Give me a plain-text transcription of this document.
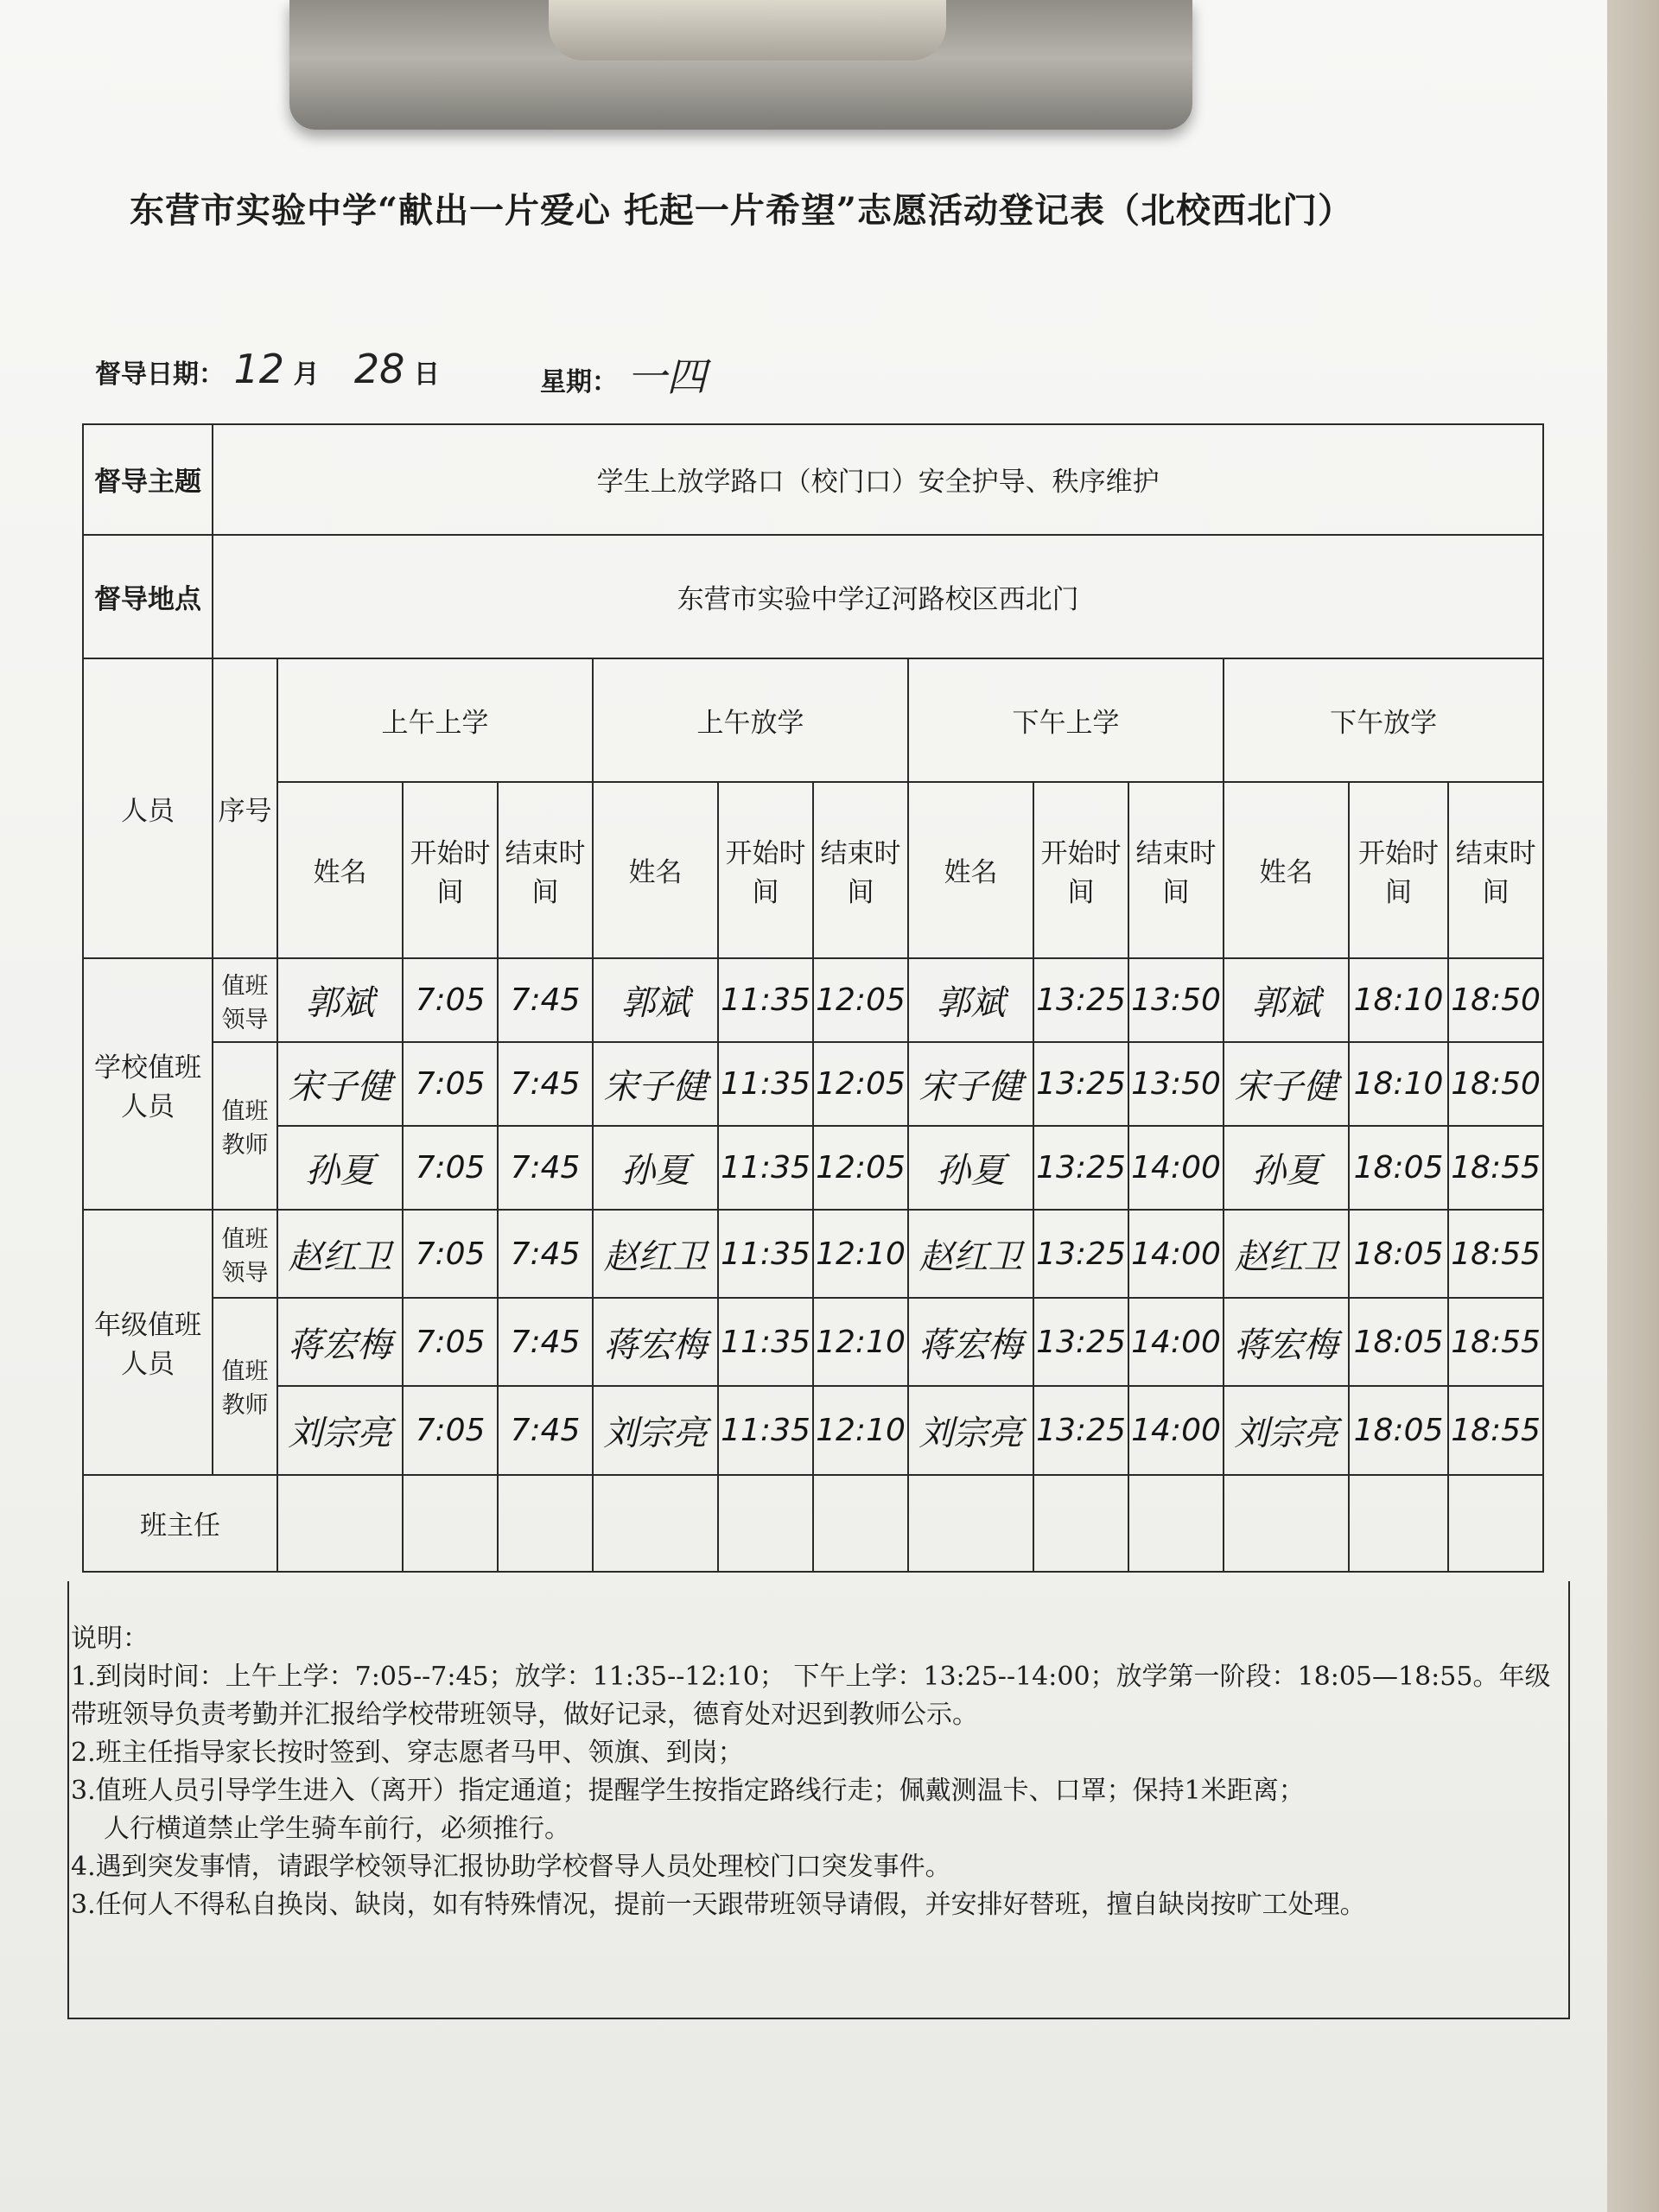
东营市实验中学“献出一片爱心 托起一片希望”志愿活动登记表（北校西北门）
督导日期： 12 月 28 日	星期： 一四
督导主题	学生上放学路口（校门口）安全护导、秩序维护												
督导地点	东营市实验中学辽河路校区西北门												
人员	序号	上午上学			上午放学			下午上学			下午放学		
		姓名	开始时间	结束时间	姓名	开始时间	结束时间	姓名	开始时间	结束时间	姓名	开始时间	结束时间
学校值班人员	值班领导	郭斌	7:05	7:45	郭斌	11:35	12:05	郭斌	13:25	13:50	郭斌	18:10	18:50
	值班教师	宋子健	7:05	7:45	宋子健	11:35	12:05	宋子健	13:25	13:50	宋子健	18:10	18:50
		孙夏	7:05	7:45	孙夏	11:35	12:05	孙夏	13:25	14:00	孙夏	18:05	18:55
年级值班人员	值班领导	赵红卫	7:05	7:45	赵红卫	11:35	12:10	赵红卫	13:25	14:00	赵红卫	18:05	18:55
	值班教师	蒋宏梅	7:05	7:45	蒋宏梅	11:35	12:10	蒋宏梅	13:25	14:00	蒋宏梅	18:05	18:55
		刘宗亮	7:05	7:45	刘宗亮	11:35	12:10	刘宗亮	13:25	14:00	刘宗亮	18:05	18:55
班主任													
说明：
1.到岗时间：上午上学：7:05--7:45；放学：11:35--12:10； 下午上学：13:25--14:00；放学第一阶段：18:05—18:55。年级带班领导负责考勤并汇报给学校带班领导，做好记录，德育处对迟到教师公示。
2.班主任指导家长按时签到、穿志愿者马甲、领旗、到岗；
3.值班人员引导学生进入（离开）指定通道；提醒学生按指定路线行走；佩戴测温卡、口罩；保持1米距离；
人行横道禁止学生骑车前行，必须推行。
4.遇到突发事情，请跟学校领导汇报协助学校督导人员处理校门口突发事件。
3.任何人不得私自换岗、缺岗，如有特殊情况，提前一天跟带班领导请假，并安排好替班，擅自缺岗按旷工处理。
